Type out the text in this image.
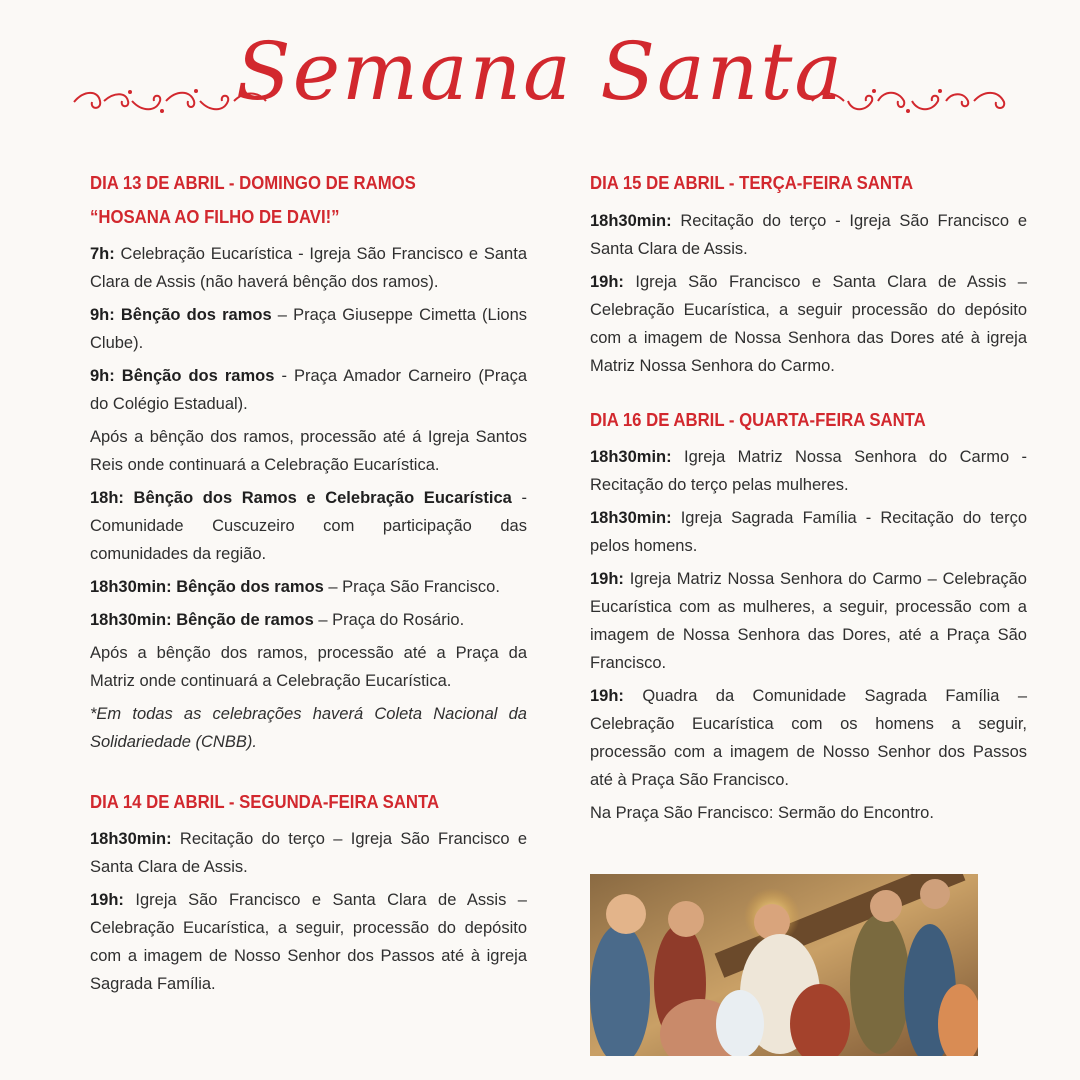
Semana Santa
DIA 13 DE ABRIL - DOMINGO DE RAMOS
“HOSANA AO FILHO DE DAVI!”

7h: Celebração Eucarística - Igreja São Francisco e Santa Clara de Assis (não haverá bênção dos ramos).

9h: Bênção dos ramos – Praça Giuseppe Cimetta (Lions Clube).

9h: Bênção dos ramos - Praça Amador Carneiro (Praça do Colégio Estadual).

Após a bênção dos ramos, processão até á Igreja Santos Reis onde continuará a Celebração Eucarística.

18h: Bênção dos Ramos e Celebração Eucarística - Comunidade Cuscuzeiro com participação das comunidades da região.

18h30min: Bênção dos ramos – Praça São Francisco.

18h30min: Bênção de ramos – Praça do Rosário.

Após a bênção dos ramos, processão até a Praça da Matriz onde continuará a Celebração Eucarística.

*Em todas as celebrações haverá Coleta Nacional da Solidariedade (CNBB).

DIA 14 DE ABRIL - SEGUNDA-FEIRA SANTA

18h30min: Recitação do terço – Igreja São Francisco e Santa Clara de Assis.

19h: Igreja São Francisco e Santa Clara de Assis – Celebração Eucarística, a seguir, processão do depósito com a imagem de Nosso Senhor dos Passos até à igreja Sagrada Família.

DIA 15 DE ABRIL - TERÇA-FEIRA SANTA

18h30min: Recitação do terço - Igreja São Francisco e Santa Clara de Assis.

19h: Igreja São Francisco e Santa Clara de Assis – Celebração Eucarística, a seguir processão do depósito com a imagem de Nossa Senhora das Dores até à igreja Matriz Nossa Senhora do Carmo.

DIA 16 DE ABRIL - QUARTA-FEIRA SANTA

18h30min: Igreja Matriz Nossa Senhora do Carmo - Recitação do terço pelas mulheres.

18h30min: Igreja Sagrada Família - Recitação do terço pelos homens.

19h: Igreja Matriz Nossa Senhora do Carmo – Celebração Eucarística com as mulheres, a seguir, processão com a imagem de Nossa Senhora das Dores, até a Praça São Francisco.

19h: Quadra da Comunidade Sagrada Família – Celebração Eucarística com os homens a seguir, processão com a imagem de Nosso Senhor dos Passos até à Praça São Francisco.

Na Praça São Francisco: Sermão do Encontro.
